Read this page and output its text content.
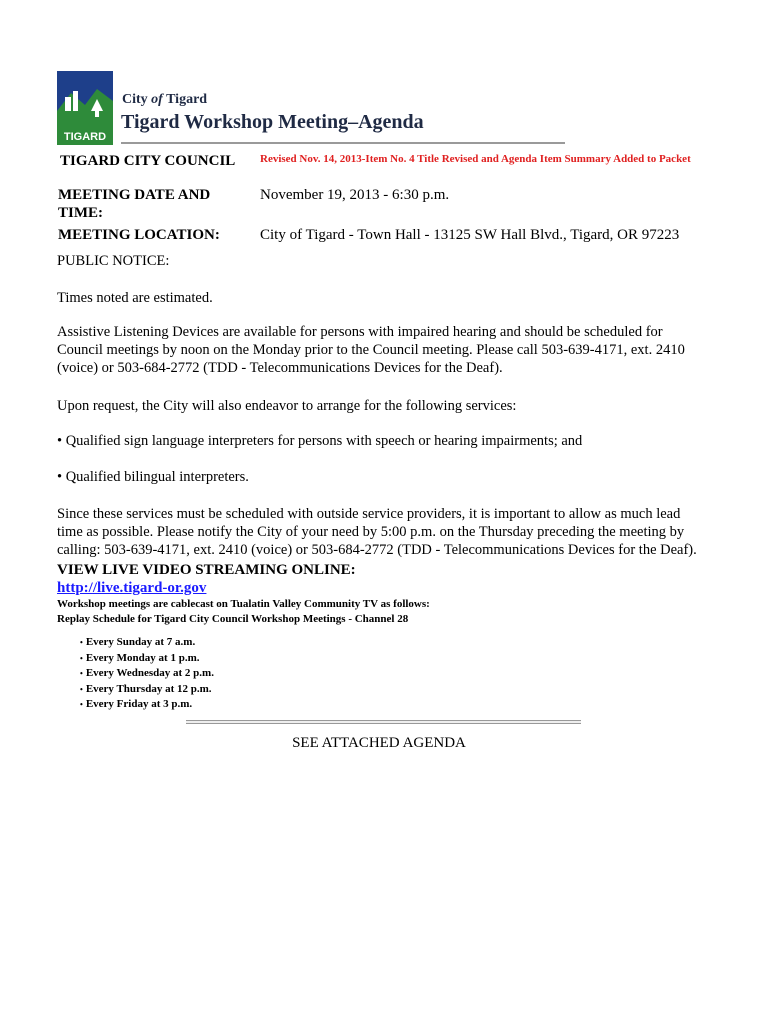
TIGARD
City of Tigard
Tigard Workshop Meeting–Agenda
TIGARD CITY COUNCIL Revised Nov. 14, 2013-Item No. 4 Title Revised and Agenda Item Summary Added to Packet
MEETING DATE AND TIME:
November 19, 2013 - 6:30 p.m.
MEETING LOCATION:	City of Tigard - Town Hall - 13125 SW Hall Blvd., Tigard, OR 97223
PUBLIC NOTICE:
Times noted are estimated.
Assistive Listening Devices are available for persons with impaired hearing and should be scheduled for Council meetings by noon on the Monday prior to the Council meeting. Please call 503-639-4171, ext. 2410 (voice) or 503-684-2772 (TDD - Telecommunications Devices for the Deaf).
Upon request, the City will also endeavor to arrange for the following services:
• Qualified sign language interpreters for persons with speech or hearing impairments; and
• Qualified bilingual interpreters.
Since these services must be scheduled with outside service providers, it is important to allow as much lead time as possible. Please notify the City of your need by 5:00 p.m. on the Thursday preceding the meeting by calling: 503-639-4171, ext. 2410 (voice) or 503-684-2772 (TDD - Telecommunications Devices for the Deaf).
VIEW LIVE VIDEO STREAMING ONLINE:
http://live.tigard-or.gov
Workshop meetings are cablecast on Tualatin Valley Community TV as follows:
Replay Schedule for Tigard City Council Workshop Meetings - Channel 28
• Every Sunday at 7 a.m.
• Every Monday at 1 p.m.
• Every Wednesday at 2 p.m.
• Every Thursday at 12 p.m.
• Every Friday at 3 p.m.
SEE ATTACHED AGENDA
